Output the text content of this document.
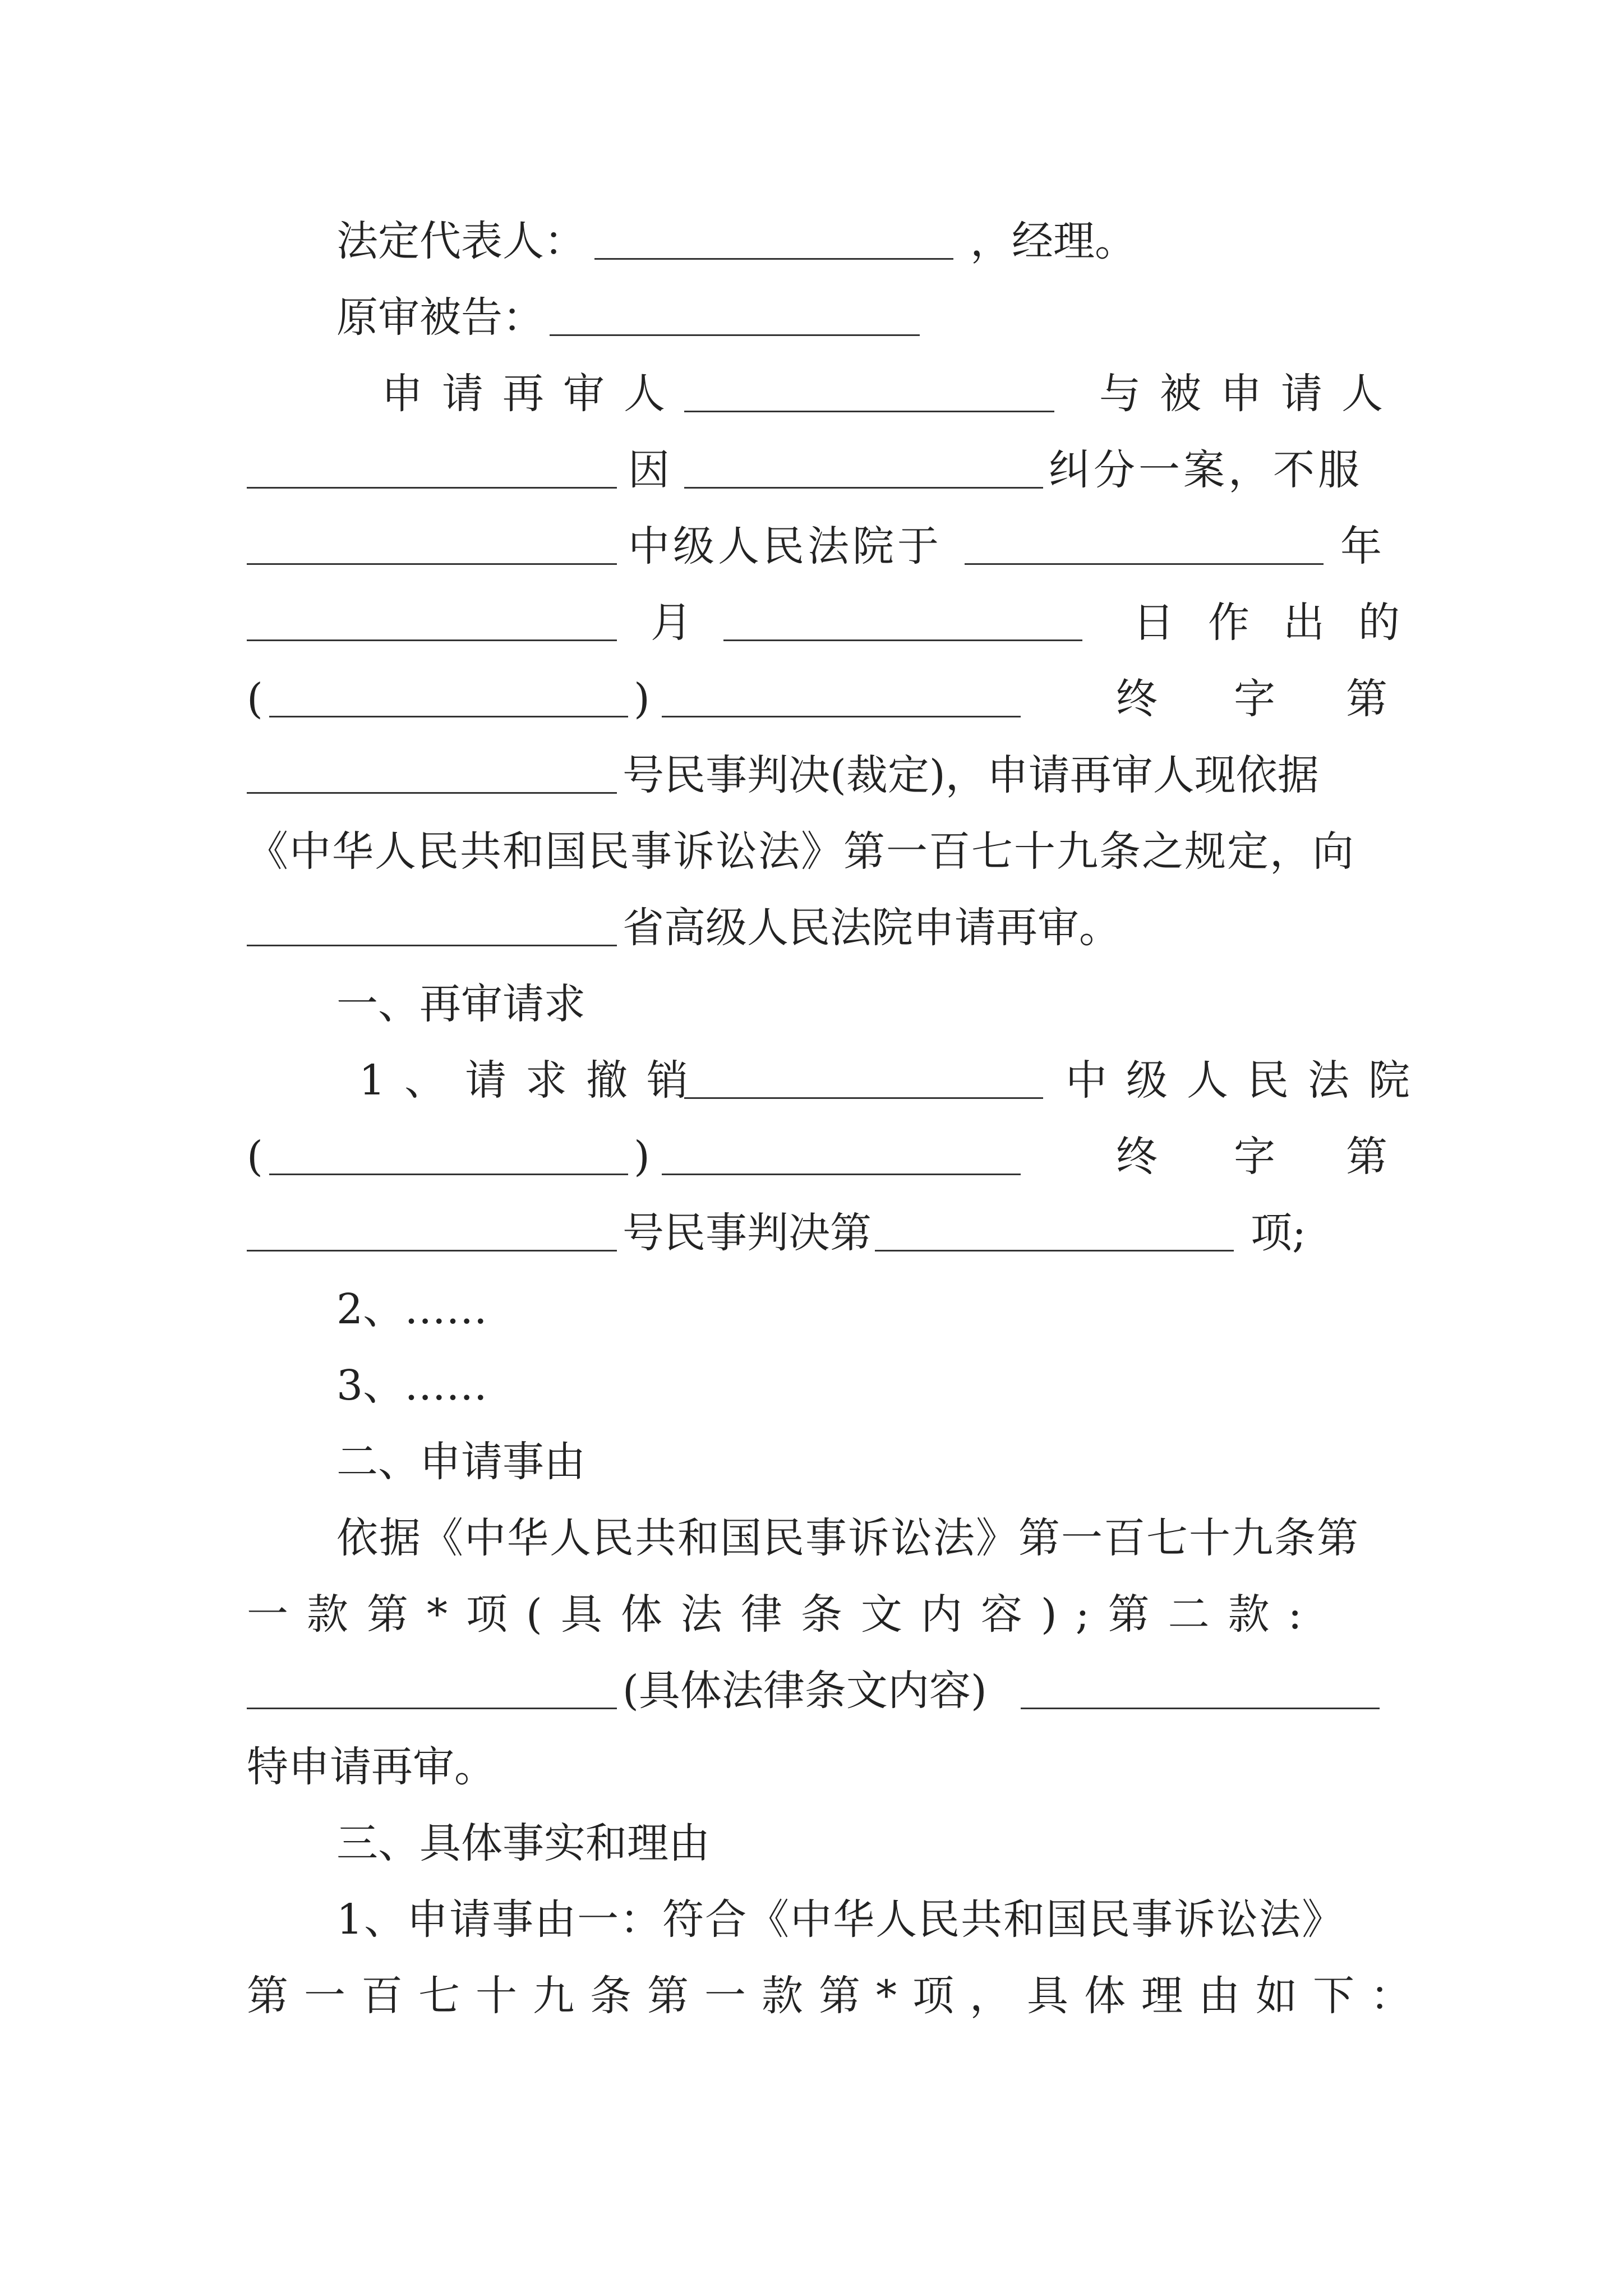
法定代表人：	，经理。
原审被告：
申请再审人	与被申请人
因	纠分一案，不服
中级人民法院于	年
月	日作出的
(	)	终 字 第
号民事判决(裁定)，申请再审人现依据
《中华人民共和国民事诉讼法》第一百七十九条之规定，向
省高级人民法院申请再审。
一、再审请求
1、请求撤销	中级人民法院
(	)	终 字 第
号民事判决第	项;
2、……
3、……
二、申请事由
依据《中华人民共和国民事诉讼法》第一百七十九条第
一款第*项(具体法律条文内容);第二款:
(具体法律条文内容)
特申请再审。
三、具体事实和理由
1、申请事由一：符合《中华人民共和国民事诉讼法》
第一百七十九条第一款第*项，具体理由如下：
